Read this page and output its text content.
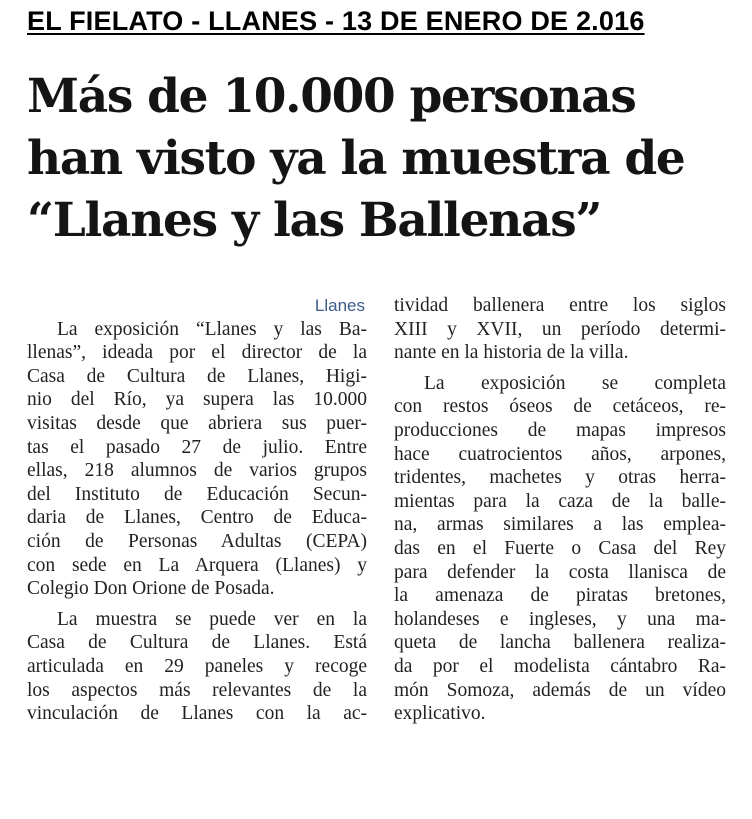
EL FIELATO - LLANES - 13 DE ENERO DE 2.016
Más de 10.000 personas
han visto ya la muestra de
“Llanes y las Ballenas”
Llanes
La exposición “Llanes y las Ba-
llenas”, ideada por el director de la
Casa de Cultura de Llanes, Higi-
nio del Río, ya supera las 10.000
visitas desde que abriera sus puer-
tas el pasado 27 de julio. Entre
ellas, 218 alumnos de varios grupos
del Instituto de Educación Secun-
daria de Llanes, Centro de Educa-
ción de Personas Adultas (CEPA)
con sede en La Arquera (Llanes) y
Colegio Don Orione de Posada.
La muestra se puede ver en la
Casa de Cultura de Llanes. Está
articulada en 29 paneles y recoge
los aspectos más relevantes de la
vinculación de Llanes con la ac-
tividad ballenera entre los siglos
XIII y XVII, un período determi-
nante en la historia de la villa.
La exposición se completa
con restos óseos de cetáceos, re-
producciones de mapas impresos
hace cuatrocientos años, arpones,
tridentes, machetes y otras herra-
mientas para la caza de la balle-
na, armas similares a las emplea-
das en el Fuerte o Casa del Rey
para defender la costa llanisca de
la amenaza de piratas bretones,
holandeses e ingleses, y una ma-
queta de lancha ballenera realiza-
da por el modelista cántabro Ra-
món Somoza, además de un vídeo
explicativo.
